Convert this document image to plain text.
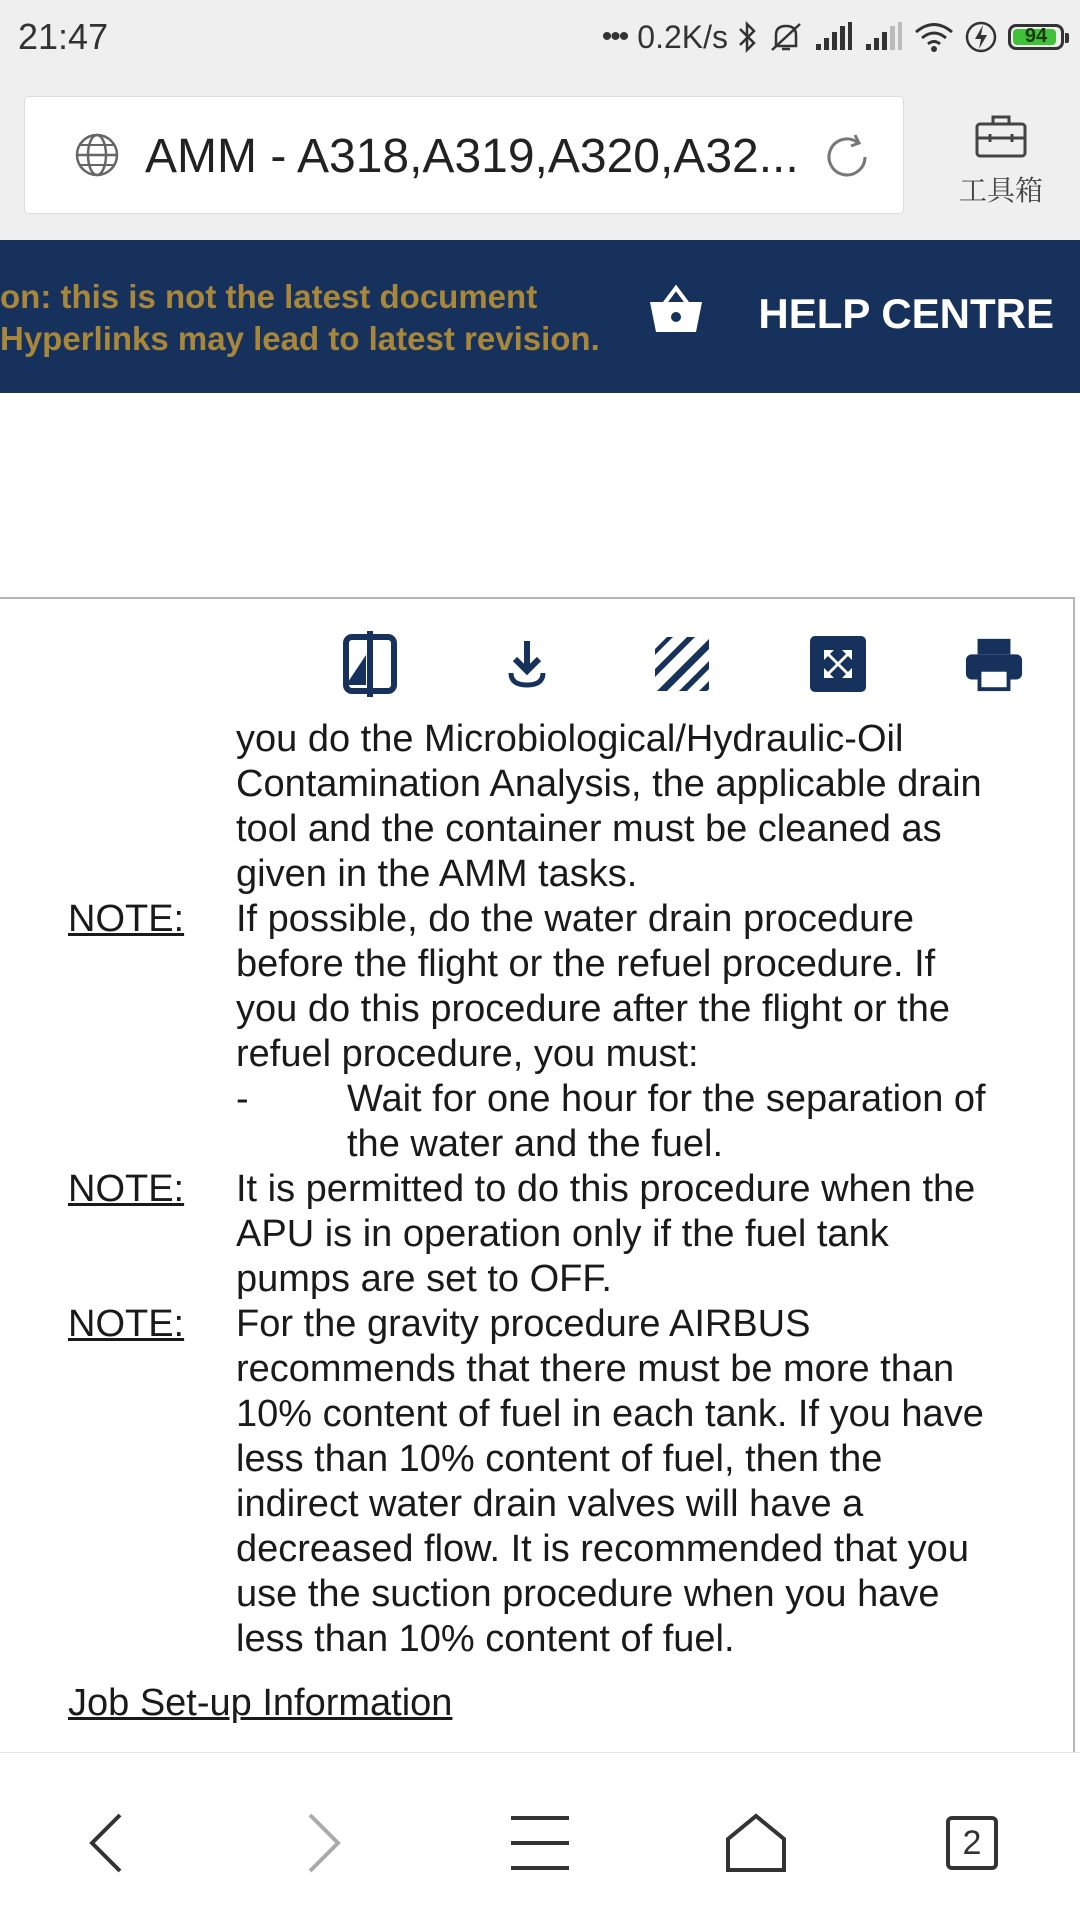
21:47	••• 0.2K/s	94
AMM - A318,A319,A320,A32...
工具箱
on: this is not the latest document
Hyperlinks may lead to latest revision.
HELP CENTRE
you do the Microbiological/Hydraulic-Oil
Contamination Analysis, the applicable drain
tool and the container must be cleaned as
given in the AMM tasks.
NOTE: If possible, do the water drain procedure
before the flight or the refuel procedure. If
you do this procedure after the flight or the
refuel procedure, you must:
-	Wait for one hour for the separation of
the water and the fuel.
NOTE: It is permitted to do this procedure when the
APU is in operation only if the fuel tank
pumps are set to OFF.
NOTE: For the gravity procedure AIRBUS
recommends that there must be more than
10% content of fuel in each tank. If you have
less than 10% content of fuel, then the
indirect water drain valves will have a
decreased flow. It is recommended that you
use the suction procedure when you have
less than 10% content of fuel.
Job Set-up Information
2
